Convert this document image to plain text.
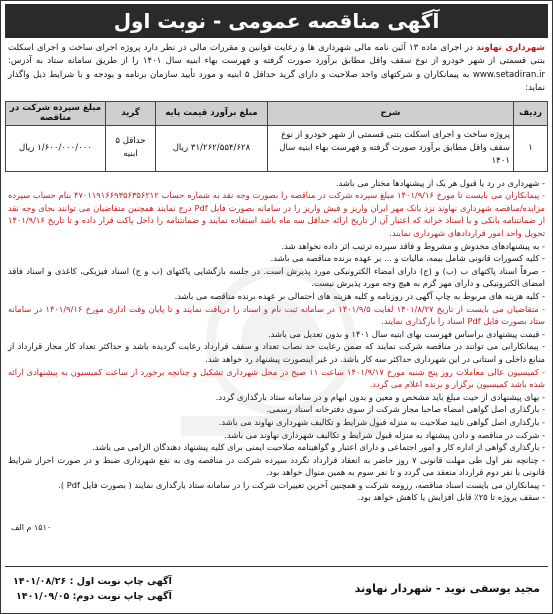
آگهی مناقصه عمومی - نوبت اول
شهرداری نهاوند در اجرای ماده ۱۳ آئین نامه مالی شهرداری ها و رعایت قوانین و مقررات مالی در نظر دارد پروژه اجرای ساخت و اجرای اسکلت بتنی قسمتی از شهر خودرو از نوع سقف واقل مطابق برآورد صورت گرفته و فهرست بهاء ابنیه سال ۱۴۰۱ را از طریق سامانه ستاد به آدرس: www.setadiran.ir به پیمانکاران و شرکتهای واجد صلاحیت و دارای گرید حداقل ۵ ابنیه و مورد تأیید سازمان برنامه و بودجه و با شرایط ذیل واگذار نماید:
ردیف	شرح	مبلغ برآورد قیمت پایه	گرید	مبلغ سپرده شرکت در مناقصه
۱	پروژه ساخت و اجرای اسکلت بتنی قسمتی از شهر خودرو از نوع سقف واقل مطابق برآورد صورت گرفته و فهرست بهاء ابنیه سال ۱۴۰۱	۳۱/۲۶۲/۵۵۴/۶۲۸ ریال	حداقل ۵ ابنیه	۱/۶۰۰/۰۰۰/۰۰۰ ریال

- شهرداری در رد یا قبول هر یک از پیشنهادها مختار می باشد.

- پیمانکاران می بایست تا مورخ ۱۴۰۱/۹/۱۶ مبلغ سپرده شرکت در مناقصه را بصورت وجه نقد به شماره حساب ۴۷۰۱۱۹۱۶۶۹۳۵۶۳۵۶۲۱۲ بنام حساب سپرده مزایده/مناقصه شهرداری نهاوند نزد بانک مهر ایران واریز و فیش واریز را در سامانه بصورت فایل Pdf درج نمایند همچنین متقاضیان می توانند بجای وجه نقد از ضمانتنامه بانکی و یا اسناد خزانه که اعتبار آن از تاریخ ارائه حداقل سه ماه باشد استفاده نمایند و ضمانتنامه را داخل پاکت قرار داده و تا تاریخ ۱۴۰۱/۹/۱۶ تحویل واحد امور قراردادهای شهرداری نمایند.

- به پیشنهادهای مخدوش و مشروط و فاقد سپرده ترتیب اثر داده نخواهد شد.

- کلیه کسورات قانونی شامل بیمه، مالیات و ... بر عهده برنده مناقصه می باشد.

- صرفاً اسناد پاکتهای ب (ب) و (ج) دارای امضاء الکترونیکی مورد پذیرش است. در جلسه بازگشایی پاکتهای (ب و ج) اسناد فیزیکی، کاغذی و اسناد فاقد امضای الکترونیکی و دارای مهر گرم به هیچ وجه مورد پذیرش نیست.

- کلیه هزینه های مربوط به چاپ آگهی در روزنامه و کلیه هزینه های احتمالی بر عهده برنده مناقصه می باشد.

- متقاضیان می بایست از تاریخ ۱۴۰۱/۸/۲۷ لغایت ۱۴۰۱/۹/۵ در سامانه ثبت نام و اسناد را دریافت نمایند و تا پایان وقت اداری مورخ ۱۴۰۱/۹/۱۶ در سامانه ستاد بصورت فایل Pdf اسناد را بارگذاری نمایند.

- قیمت پیشنهادی براساس فهرست بهای ابنیه سال ۱۴۰۱ و بدون تعدیل می باشد.

- پیمانکارانی می توانند در مناقصه شرکت نمایند که ضمن رعایت حد نصاب تعداد و سقف قرارداد رعایت گردیده باشد و حداکثر تعداد کار مجاز قرارداد از منابع داخلی و استانی در این شهرداری حداکثر سه کار باشد. در غیر اینصورت پیشنهاد رد خواهد شد.

- کمیسیون عالی معاملات روز پنج شنبه مورخ ۱۴۰۱/۹/۱۷ ساعت ۱۱ صبح در محل شهرداری تشکیل و چنانچه برخورد از ساعت کمیسیون به پیشنهادی ارائه شده باشد کمیسیون برگزار و برنده اعلام می گردد.

- بهای پیشنهادی از حیث مبلغ باید مشخص و معین و بدون ابهام و در سامانه ستاد بارگذاری گردد.

- بارگذاری اصل گواهی امضاء صاحبا مجاز شرکت از سوی دفترخانه اسناد رسمی.

- بارگذاری اصل گواهی تایید صلاحیت به منزله قبول شرایط و تکالیف شهرداری نهاوند می باشد.

- شرکت در مناقصه و دادن پیشنهاد به منزله قبول شرایط و تکالیف شهرداری نهاوند می باشد.

- بارگذاری گواهی از اداره کار و امور اجتماعی و دارای اعتبار و گواهینامه صلاحیت ایمنی برای کلیه پیشنهاد دهندگان الزامی می باشد.

- چنانچه نفر اول طی مهلت قانونی ۷ روز حاضر به انعقاد قرارداد نگردد سپرده شرکت در مناقصه وی به نفع شهرداری ضبط و در صورت احراز شرایط قانونی با نفر دوم قرارداد منعقد می گردد و تا نفر سوم به همین منوال خواهد بود.

- پیمانکاران می بایست اسناد مناقصه، رزومه شرکت و همچنین آخرین تغییرات شرکت را در سامانه ستاد بارگذاری نمایند ( بصورت فایل Pdf ).

- سقف پروژه تا ۲۵٪ قابل افزایش یا کاهش خواهد بود.

۱۵۱۰ م الف
مجید یوسفی نوید - شهردار نهاوند
آگهی چاپ نوبت اول : ۱۴۰۱/۰۸/۲۶
آگهی چاپ نوبت دوم: ۱۴۰۱/۰۹/۰۵
